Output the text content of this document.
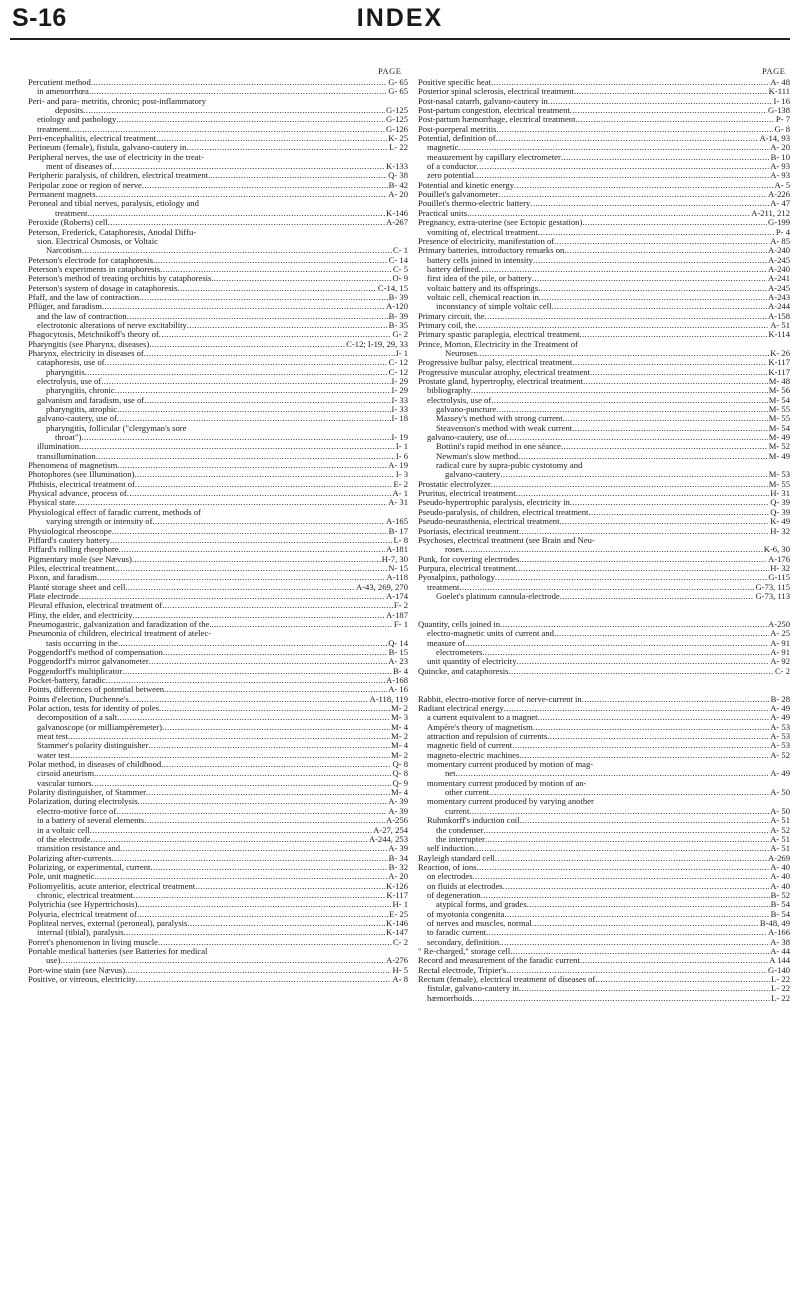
S-16	INDEX
PAGE	PAGE
Percutient method .....	G- 65
in amenorrhœa .....	G- 65
Peri- and para- metritis, chronic; post-inflammatory
deposits .....	G-125
etiology and pathology .....	G-125
treatment .....	G-126
Peri-encephalitis, electrical treatment .....	K- 25
Perineum (female), fistula, galvano-cautery in .....	L- 22
Peripheral nerves, the use of electricity in the treat-
ment of diseases of .....	K-133
Peripheric paralysis, of children, electrical treatment. .....	Q- 38
Peripolar zone or region of nerve .....	B- 42
Permanent magnets .....	A- 20
Peroneal and tibial nerves, paralysis, etiology and
treatment .....	K-146
Peroxide (Roberts) cell .....	A-267
Peterson, Frederick, Cataphoresis, Anodal Diffu-
sion. Electrical Osmosis, or Voltaic
Narcotism .....	C- 1
Peterson's electrode for cataphoresis .....	C- 14
Peterson's experiments in cataphoresis .....	C- 5
Peterson's method of treating orchitis by cataphoresis. .....	O- 9
Peterson's system of dosage in cataphoresis .....	C-14, 15
Pfaff, and the law of contraction .....	B- 39
Pflüger, and faradism .....	A-120
and the law of contraction .....	B- 39
electrotonic alterations of nerve excitability .....	B- 35
Phagocytosis, Metchnikoff's theory of .....	G- 2
Pharyngitis (see Pharynx, diseases) .....	C-12; I-19, 29, 33
Pharynx, electricity in diseases of .....	I- 1
cataphoresis, use of .....	C- 12
pharyngitis .....	C- 12
electrolysis, use of .....	I- 29
pharyngitis, chronic .....	I- 29
galvanism and faradism, use of .....	I- 33
pharyngitis, atrophic .....	I- 33
galvano-cautery, use of .....	I- 18
pharyngitis, follicular ("clergyman's sore
throat") .....	I- 19
illumination .....	I- 1
transillumination .....	I- 6
Phenomena of magnetism .....	A- 19
Photophores (see Illumination) .....	I- 3
Phthisis, electrical treatment of .....	E- 2
Physical advance, process of .....	A- 1
Physical state .....	A- 31
Physiological effect of faradic current, methods of
varying strength or intensity of .....	A-165
Physiological rheoscope .....	B- 17
Piffard's cautery battery .....	L- 8
Piffard's rolling rheophore .....	A-181
Pigmentary mole (see Nævus) .....	H-7, 30
Piles, electrical treatment .....	N- 15
Pixon, and faradism .....	A-118
Planté storage sheet and cell .....	A-43, 269, 270
Plate electrode .....	A-174
Pleural effusion, electrical treatment of .....	F- 2
Pliny, the elder, and electricity .....	A-187
Pneumogastric, galvanization and faradization of the. .....	F- 1
Pneumonia of children, electrical treatment of atelec-
tasis occurring in the .....	Q- 14
Poggendorff's method of compensation .....	B- 15
Poggendorff's mirror galvanometer .....	A- 23
Poggendorff's multiplicator .....	B- 4
Pocket-battery, faradic .....	A-168
Points, differences of potential between .....	A- 16
Points d'election, Duchenne's .....	A-118, 119
Polar action, tests for identity of poles .....	M- 2
decomposition of a salt .....	M- 3
galvanoscope (or milliampèremeter) .....	M- 4
meat test .....	M- 2
Stammer's polarity distinguisher .....	M- 4
water test .....	M- 2
Polar method, in diseases of childhood .....	Q- 8
cirsoid aneurism .....	Q- 8
vascular tumors .....	Q- 9
Polarity distinguisher, of Stammer .....	M- 4
Polarization, during electrolysis .....	A- 39
electro-motive force of .....	A- 39
in a battery of several elements .....	A-256
in a voltaic cell .....	A-27, 254
of the electrode .....	A-244, 253
transition resistance and .....	A- 39
Polarizing after-currents .....	B- 34
Polarizing, or experimental, current .....	B- 32
Pole, unit magnetic .....	A- 20
Poliomyelitis, acute anterior, electrical treatment .....	K-126
chronic, electrical treatment .....	K-117
Polytrichia (see Hypertrichosis) .....	H- 1
Polyuria, electrical treatment of .....	E- 25
Popliteal nerves, external (peroneal), paralysis .....	K-146
internal (tibial), paralysis .....	K-147
Porret's phenomenon in living muscle .....	C- 2
Portable medical batteries (see Batteries for medical
use) .....	A-276
Port-wine stain (see Nævus) .....	H- 5
Positive, or vitreous, electricity .....	A- 8
Positive specific heat .....	A- 48
Posterior spinal sclerosis, electrical treatment .....	K-111
Post-nasal catarrh, galvano-cautery in .....	I- 16
Post-partum congestion, electrical treatment .....	G-138
Post-partum hæmorrhage, electrical treatment .....	P- 7
Post-puerperal metritis .....	G- 8
Potential, definition of .....	A-14, 93
magnetic .....	A- 20
measurement by capillary electrometer .....	B- 10
of a conductor .....	A- 93
zero potential .....	A- 93
Potential and kinetic energy .....	A- 5
Pouillet's galvanometer .....	A-226
Pouillet's thermo-electric battery .....	A- 47
Practical units .....	A-211, 212
Pregnancy, extra-uterine (see Ectopic gestation) .....	G-199
vomiting of, electrical treatment .....	P- 4
Presence of electricity, manifestation of .....	A- 85
Primary batteries, introductory remarks on .....	A-240
battery cells joined in intensity .....	A-245
battery defined .....	A-240
first idea of the pile, or battery .....	A-241
voltaic battery and its offsprings .....	A-245
voltaic cell, chemical reaction in .....	A-243
inconstancy of simple voltaic cell .....	A-244
Primary circuit, the .....	A-158
Primary coil, the .....	A- 51
Primary spastic paraplegia, electrical treatment .....	K-114
Prince, Morton, Electricity in the Treatment of
Neuroses .....	K- 26
Progressive bulbar palsy, electrical treatment .....	K-117
Progressive muscular atrophy, electrical treatment .....	K-117
Prostate gland, hypertrophy, electrical treatment .....	M- 48
bibliography .....	M- 56
electrolysis, use of .....	M- 54
galvano-puncture .....	M- 55
Massey's method with strong current .....	M- 55
Steavenson's method with weak current .....	M- 54
galvano-cautery, use of .....	M- 49
Bottini's rapid method in one séance .....	M- 52
Newman's slow method .....	M- 49
radical cure by supra-pubic cystotomy and
galvano-cautery .....	M- 53
Prostatic electrolyzer .....	M- 55
Pruritus, electrical treatment .....	H- 31
Pseudo-hypertrophic paralysis, electricity in .....	Q- 39
Pseudo-paralysis, of children, electrical treatment .....	Q- 39
Pseudo-neurasthenia, electrical treatment .....	K- 49
Psoriasis, electrical treatment .....	H- 32
Psychoses, electrical treatment (see Brain and Neu-
roses .....	K-6, 30
Punk, for covering electrodes .....	A-176
Purpura, electrical treatment .....	H- 32
Pyosalpinx, pathology .....	G-115
treatment .....	G-73, 115
Goelet's platinum cannula-electrode .....	G-73, 113
Quantity, cells joined in .....	A-250
electro-magnetic units of current and .....	A- 25
measure of .....	A- 91
electrometers .....	A- 91
unit quantity of electricity .....	A- 92
Quincke, and cataphoresis .....	C- 2
Rabbit, electro-motive force of nerve-current in .....	B- 28
Radiant electrical energy .....	A- 49
a current equivalent to a magnet .....	A- 49
Ampère's theory of magnetism .....	A- 53
attraction and repulsion of currents .....	A- 53
magnetic field of current .....	A- 53
magneto-electric machines .....	A- 52
momentary current produced by motion of mag-
net .....	A- 49
momentary current produced by motion of an-
other current .....	A- 50
momentary current produced by varying another
current .....	A- 50
Ruhmkorff's induction coil .....	A- 51
the condenser .....	A- 52
the interrupter .....	A- 51
self induction .....	A- 51
Rayleigh standard cell .....	A-269
Reaction, of ions .....	A- 40
on electrodes .....	A- 40
on fluids at electrodes .....	A- 40
of degeneration .....	B- 52
atypical forms, and grades .....	B- 54
of myotonia congenita .....	B- 54
of nerves and muscles, normal .....	B-48, 49
to faradic current .....	A-166
secondary, definition .....	A- 38
" Re-charged," storage cell .....	A- 44
Record and measurement of the faradic current .....	A 144
Rectal electrode, Tripier's .....	G-140
Rectum (female), electrical treatment of diseases of .....	L- 22
fistulæ, galvano-cautery in .....	L- 22
hæmorrhoids .....	L- 22
